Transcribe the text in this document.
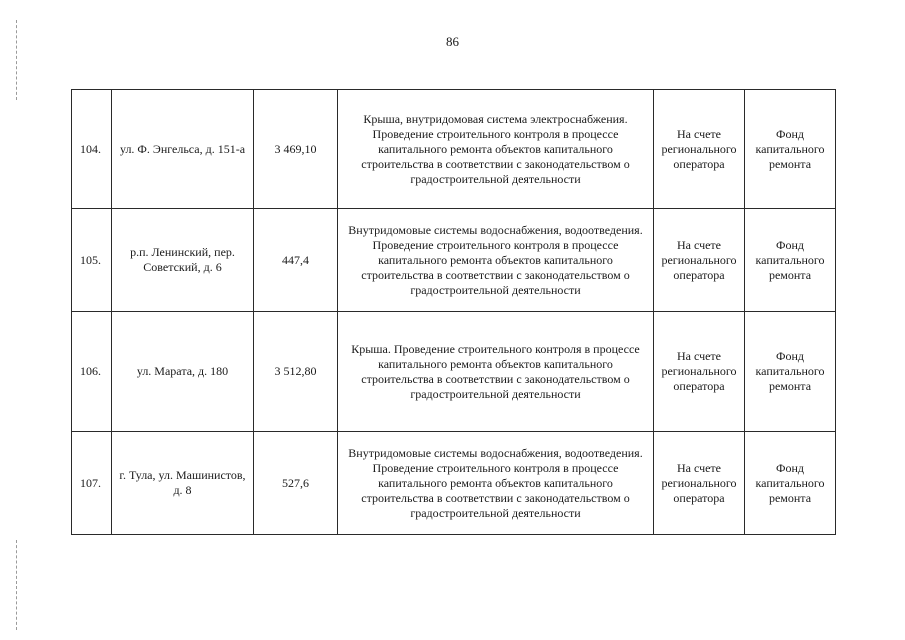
86
104.	ул. Ф. Энгельса, д. 151-а	3 469,10	Крыша, внутридомовая система электроснабжения. Проведение строительного контроля в процессе капитального ремонта объектов капитального строительства в соответствии с законодательством о градостроительной деятельности	На счете регионального оператора	Фонд капитального ремонта
105.	р.п. Ленинский, пер. Советский, д. 6	447,4	Внутридомовые системы водоснабжения, водоотведения. Проведение строительного контроля в процессе капитального ремонта объектов капитального строительства в соответствии с законодательством о градостроительной деятельности	На счете регионального оператора	Фонд капитального ремонта
106.	ул. Марата, д. 180	3 512,80	Крыша. Проведение строительного контроля в процессе капитального ремонта объектов капитального строительства в соответствии с законодательством о градостроительной деятельности	На счете регионального оператора	Фонд капитального ремонта
107.	г. Тула, ул. Машинистов, д. 8	527,6	Внутридомовые системы водоснабжения, водоотведения. Проведение строительного контроля в процессе капитального ремонта объектов капитального строительства в соответствии с законодательством о градостроительной деятельности	На счете регионального оператора	Фонд капитального ремонта
